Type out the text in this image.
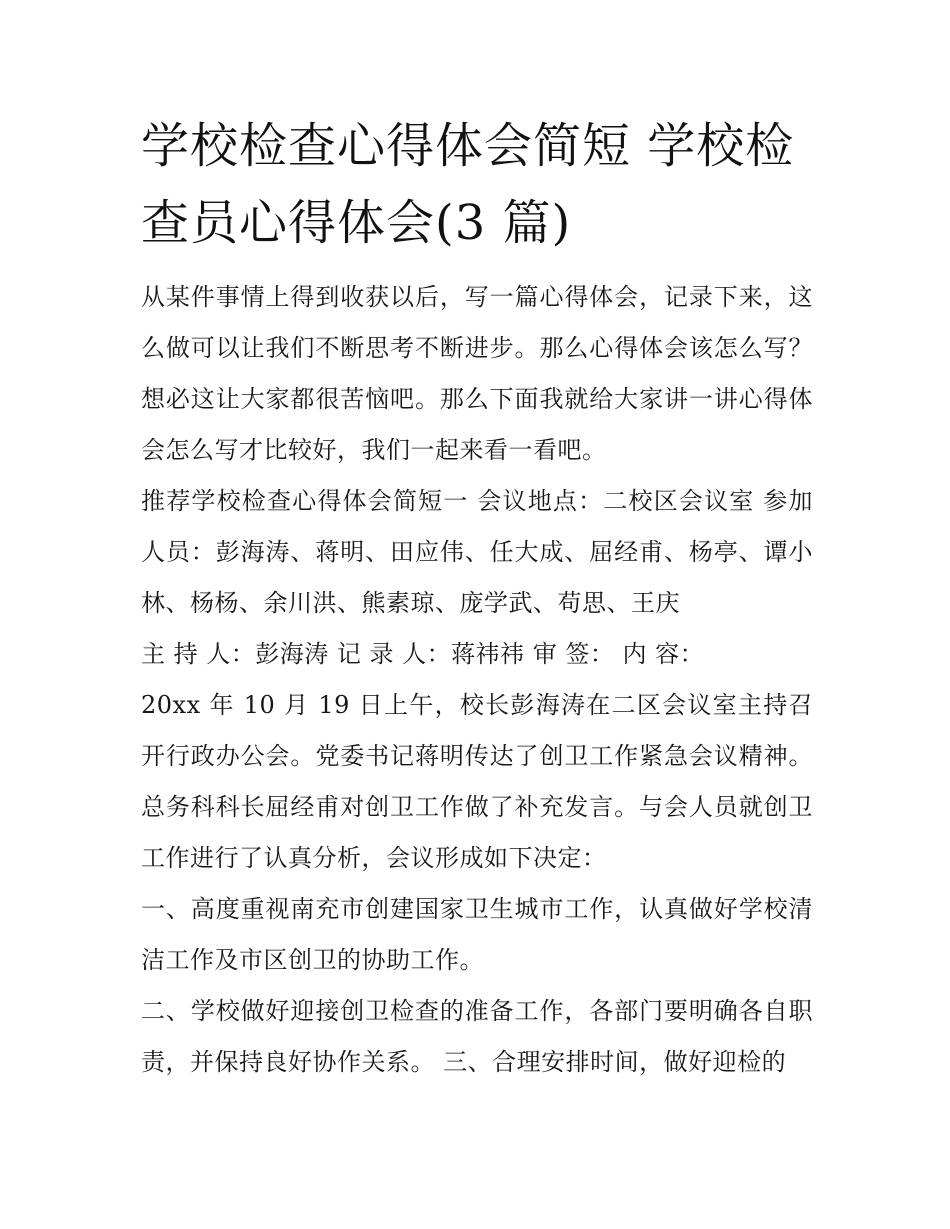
学校检查心得体会简短 学校检查员心得体会(3 篇)

从某件事情上得到收获以后，写一篇心得体会，记录下来，这么做可以让我们不断思考不断进步。那么心得体会该怎么写？想必这让大家都很苦恼吧。那么下面我就给大家讲一讲心得体会怎么写才比较好，我们一起来看一看吧。

推荐学校检查心得体会简短一 会议地点：二校区会议室 参加人员：彭海涛、蒋明、田应伟、任大成、屈经甫、杨亭、谭小林、杨杨、余川洪、熊素琼、庞学武、苟思、王庆

主 持 人：彭海涛 记 录 人：蒋祎祎 审 签： 内 容：

20xx 年 10 月 19 日上午，校长彭海涛在二区会议室主持召开行政办公会。党委书记蒋明传达了创卫工作紧急会议精神。总务科科长屈经甫对创卫工作做了补充发言。与会人员就创卫工作进行了认真分析，会议形成如下决定：

一、高度重视南充市创建国家卫生城市工作，认真做好学校清洁工作及市区创卫的协助工作。

二、学校做好迎接创卫检查的准备工作，各部门要明确各自职责，并保持良好协作关系。 三、合理安排时间，做好迎检的
